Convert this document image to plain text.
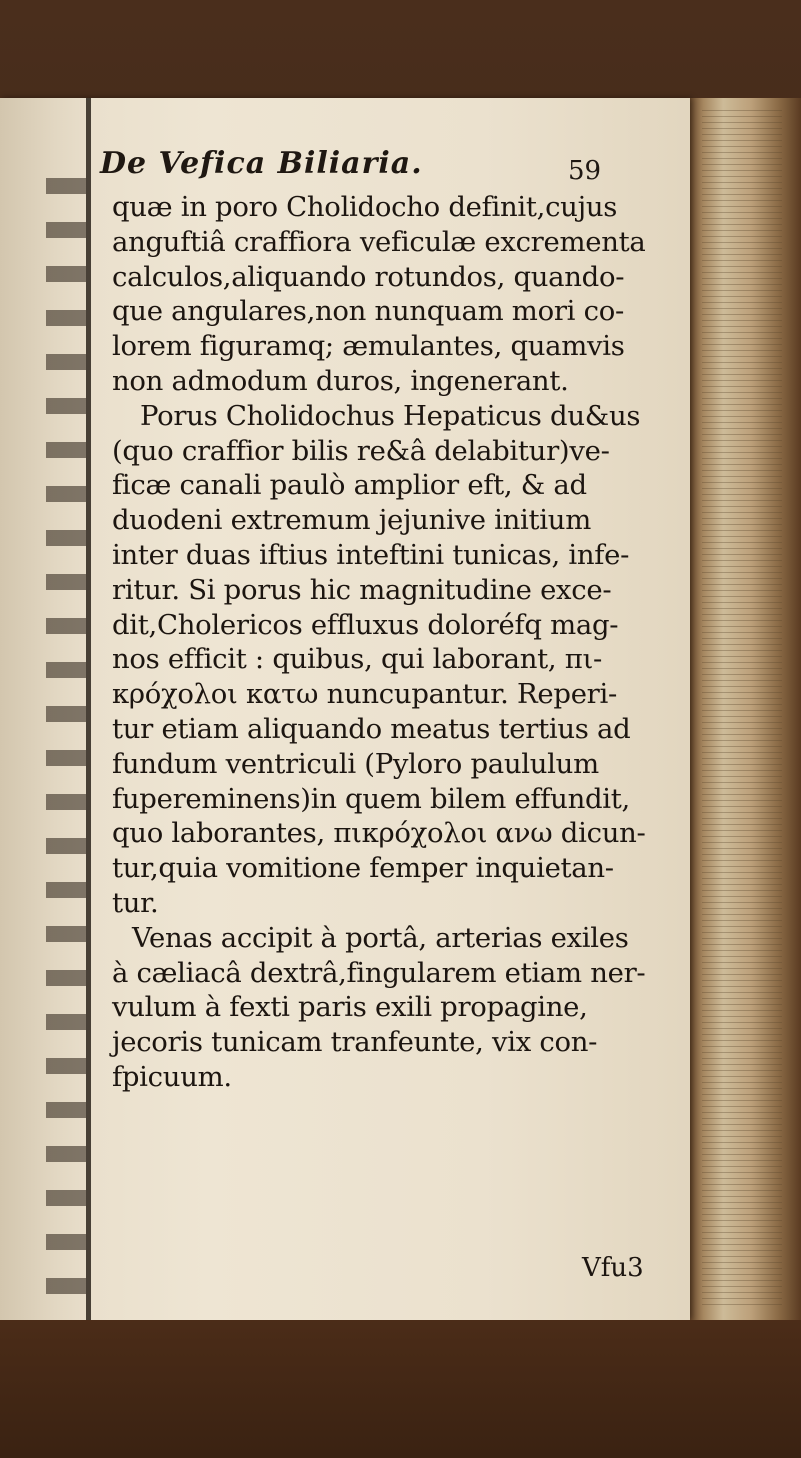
De Vefica Biliaria.	59
quæ in poro Cholidocho definit,cujus
anguftiâ craffiora veficulæ excrementa
calculos,aliquando rotundos, quando-
que angulares,non nunquam mori co-
lorem figuramq; æmulantes, quamvis
non admodum duros, ingenerant.
Porus Cholidochus Hepaticus du&us
(quo craffior bilis re&â delabitur)ve-
ficæ canali paulò amplior eft, & ad
duodeni extremum jejunive initium
inter duas iftius inteftini tunicas, infe-
ritur. Si porus hic magnitudine exce-
dit,Cholericos effluxus doloréfq mag-
nos efficit : quibus, qui laborant, πι-
κρόχολοι κατω nuncupantur. Reperi-
tur etiam aliquando meatus tertius ad
fundum ventriculi (Pyloro paululum
fupereminens)in quem bilem effundit,
quo laborantes, πικρόχολοι ανω dicun-
tur,quia vomitione femper inquietan-
tur.
Venas accipit à portâ, arterias exiles
à cæliacâ dextrâ,fingularem etiam ner-
vulum à fexti paris exili propagine,
jecoris tunicam tranfeunte, vix con-
fpicuum.
Vfu3
